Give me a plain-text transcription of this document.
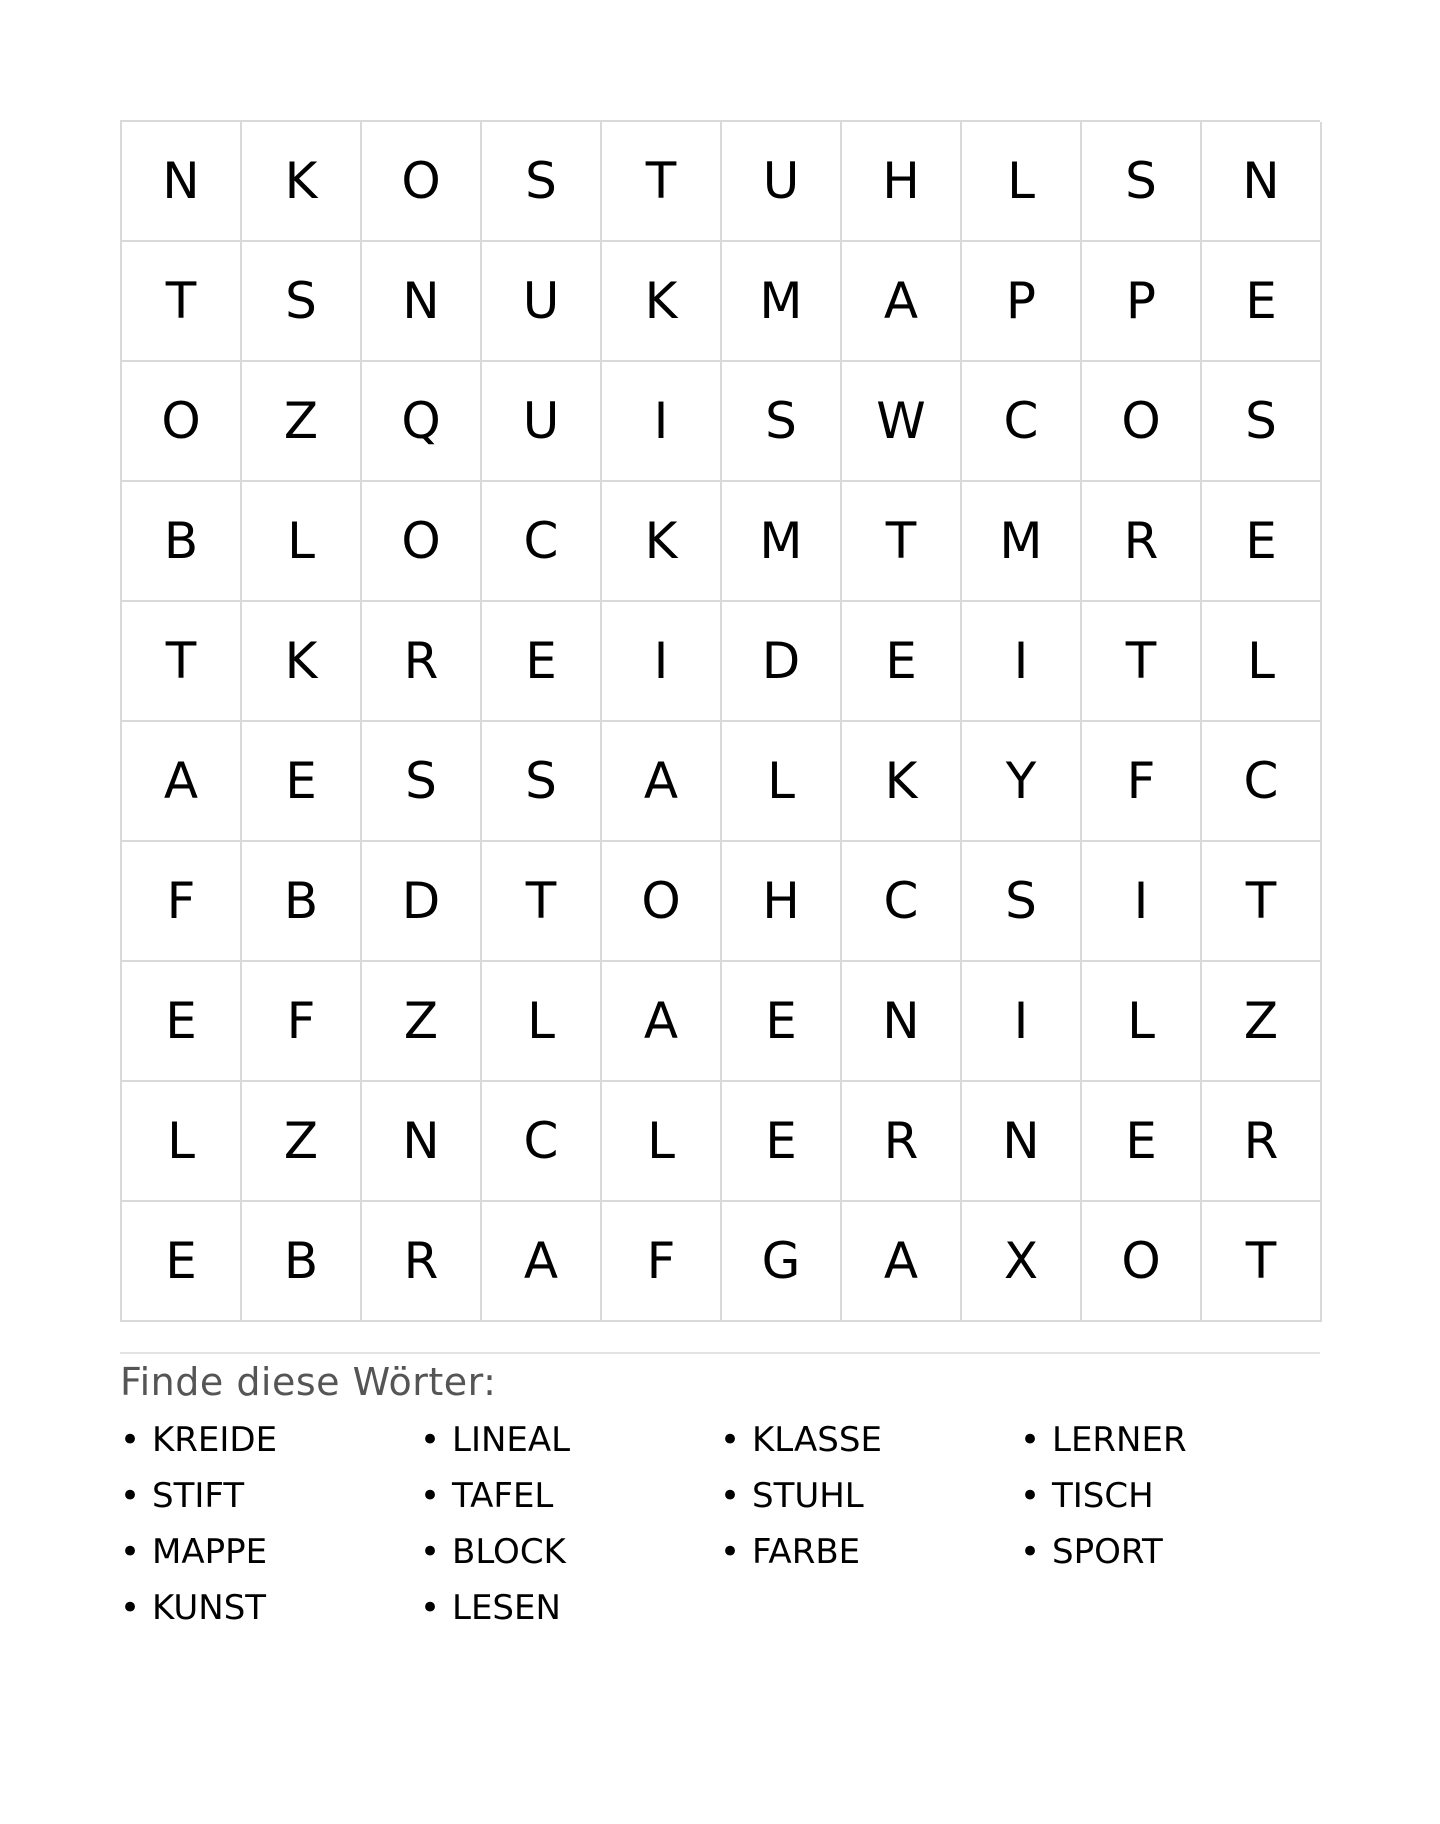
N	K	O	S	T	U	H	L	S	N
T	S	N	U	K	M	A	P	P	E
O	Z	Q	U	I	S	W	C	O	S
B	L	O	C	K	M	T	M	R	E
T	K	R	E	I	D	E	I	T	L
A	E	S	S	A	L	K	Y	F	C
F	B	D	T	O	H	C	S	I	T
E	F	Z	L	A	E	N	I	L	Z
L	Z	N	C	L	E	R	N	E	R
E	B	R	A	F	G	A	X	O	T
Finde diese Wörter:
• KREIDE
• STIFT
• MAPPE
• KUNST
• LINEAL
• TAFEL
• BLOCK
• LESEN
• KLASSE
• STUHL
• FARBE
• LERNER
• TISCH
• SPORT
